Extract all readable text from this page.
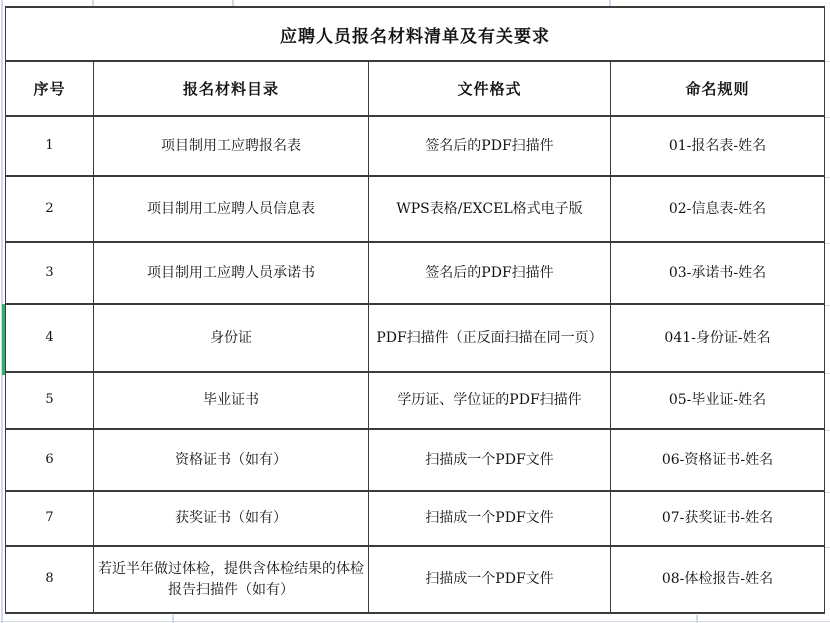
应聘人员报名材料清单及有关要求			
序号	报名材料目录	文件格式	命名规则
1	项目制用工应聘报名表	签名后的PDF扫描件	01-报名表-姓名
2	项目制用工应聘人员信息表	WPS表格/EXCEL格式电子版	02-信息表-姓名
3	项目制用工应聘人员承诺书	签名后的PDF扫描件	03-承诺书-姓名
4	身份证	PDF扫描件（正反面扫描在同一页）	041-身份证-姓名
5	毕业证书	学历证、学位证的PDF扫描件	05-毕业证-姓名
6	资格证书（如有）	扫描成一个PDF文件	06-资格证书-姓名
7	获奖证书（如有）	扫描成一个PDF文件	07-获奖证书-姓名
8	若近半年做过体检，提供含体检结果的体检报告扫描件（如有）	扫描成一个PDF文件	08-体检报告-姓名
